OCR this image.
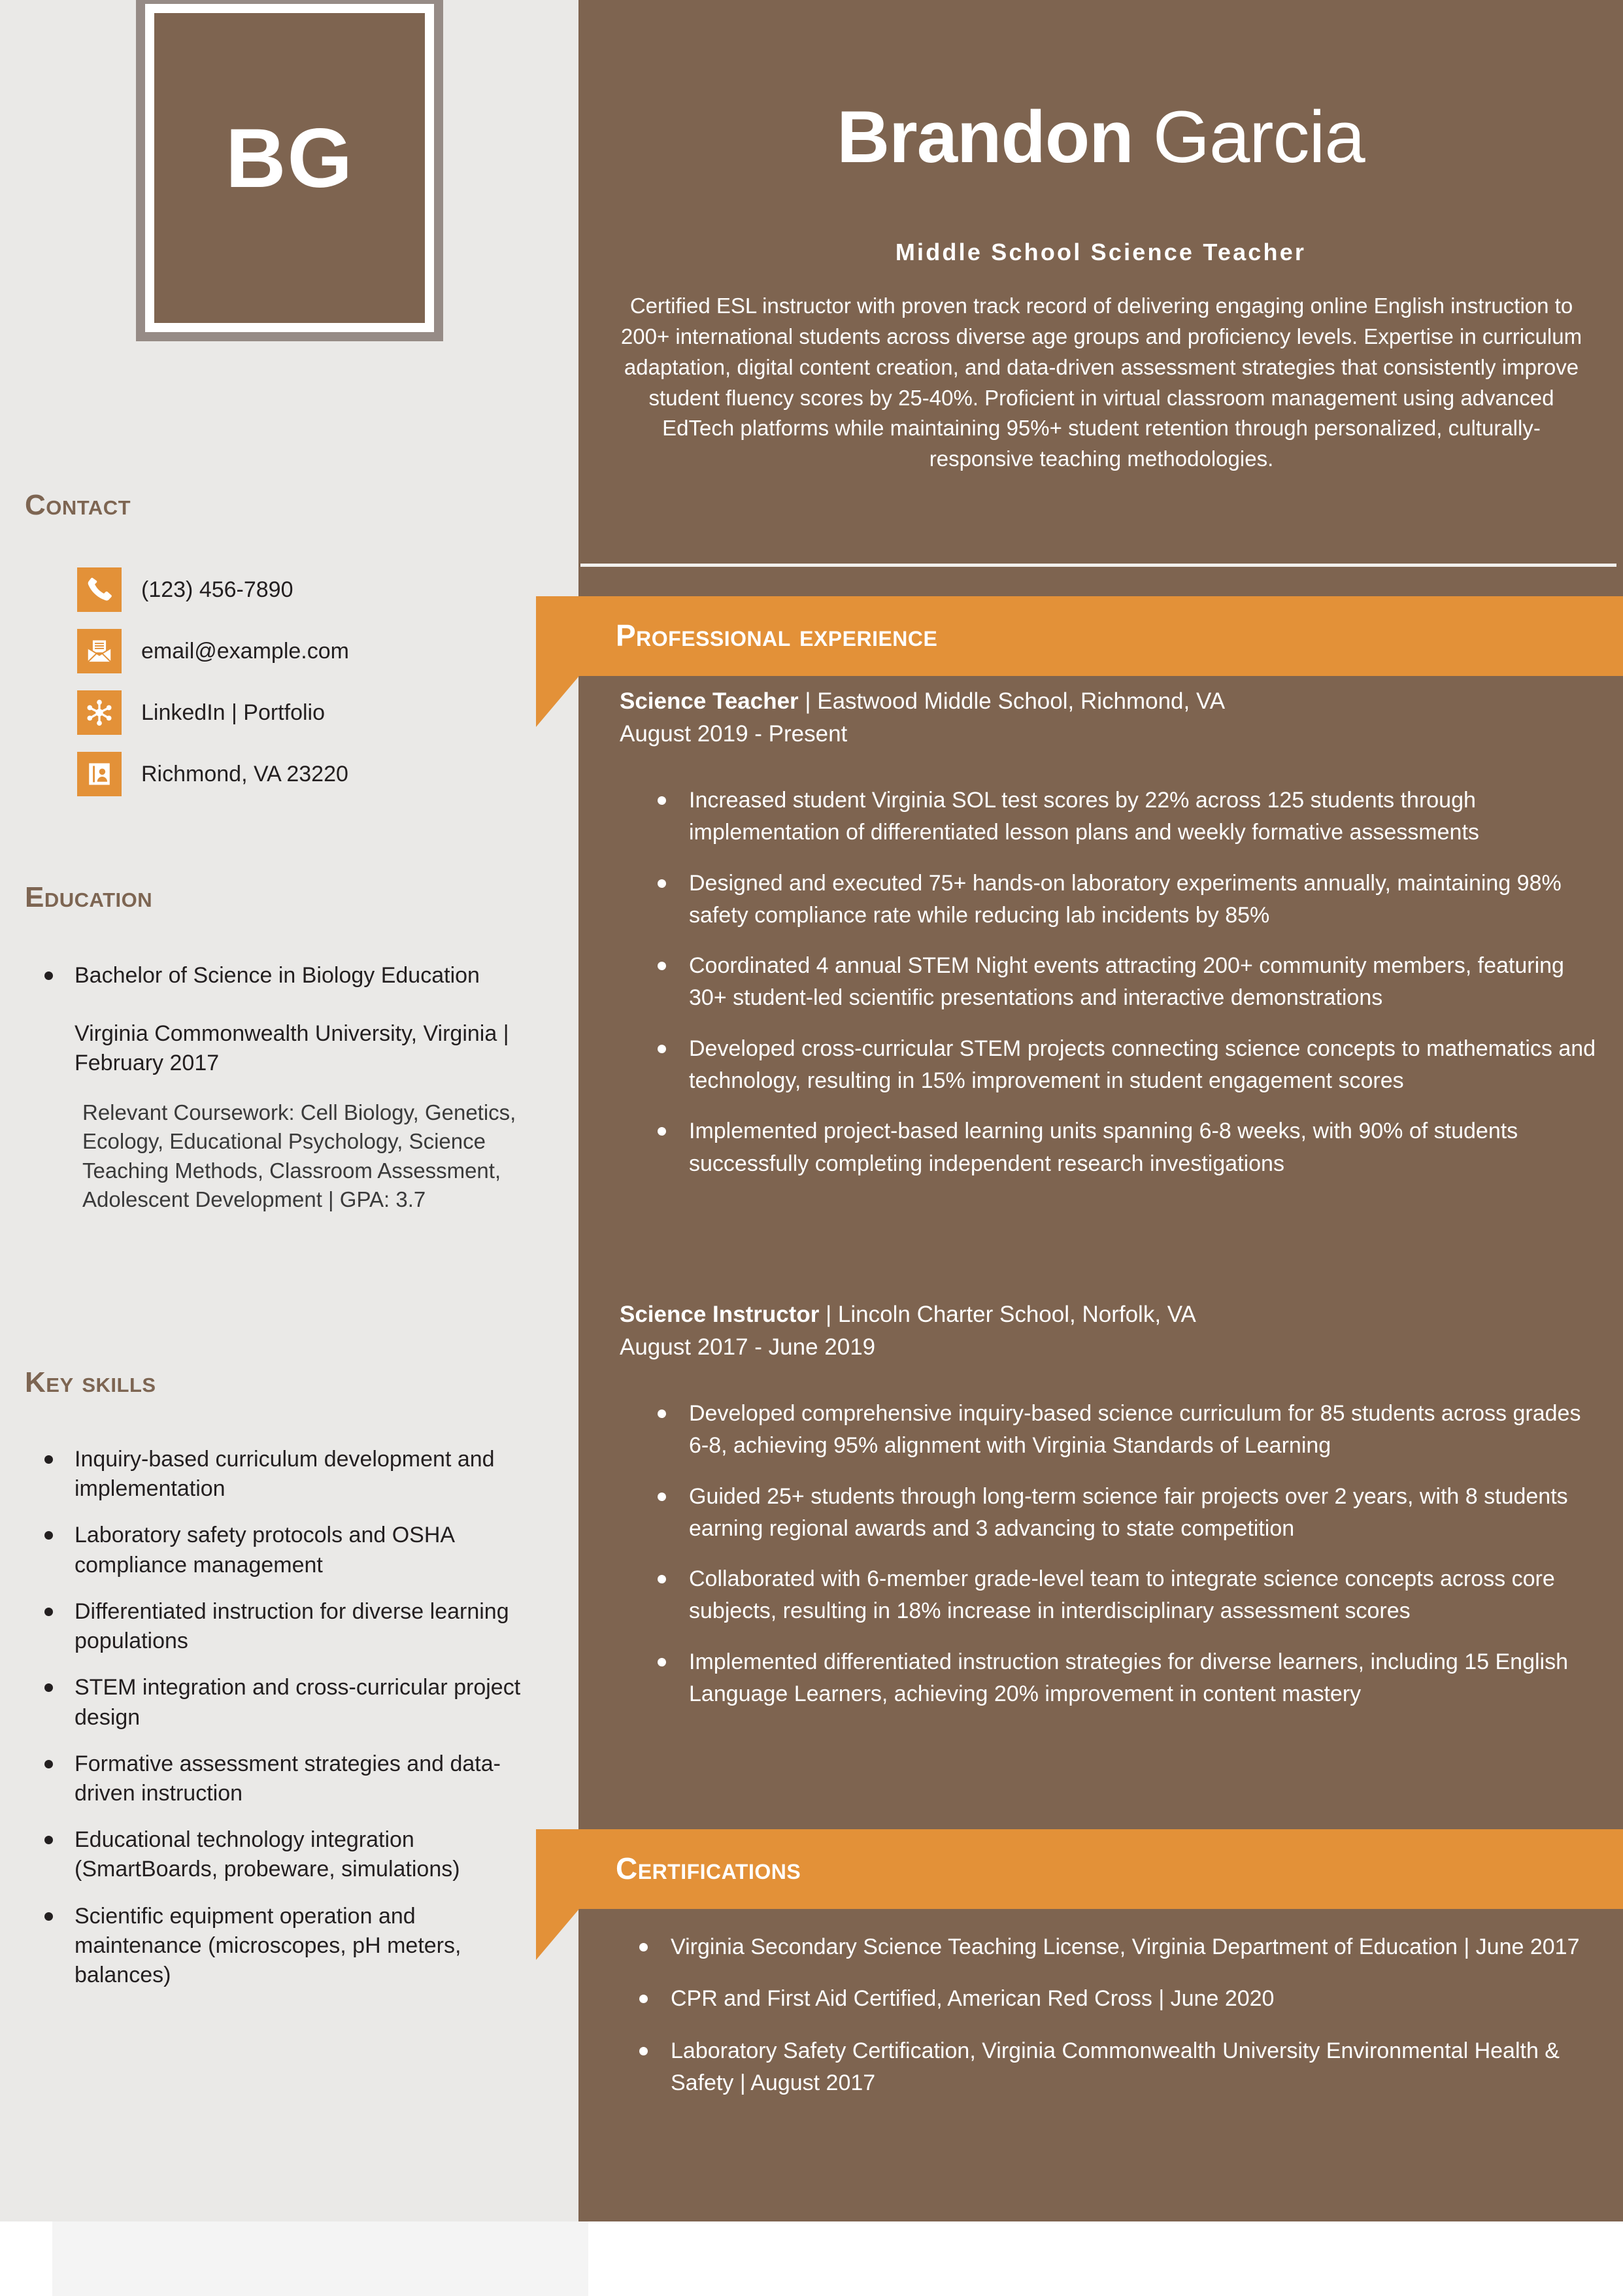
BG	Brandon Garcia
Middle School Science Teacher
Certified ESL instructor with proven track record of delivering engaging online English instruction to 200+ international students across diverse age groups and proficiency levels. Expertise in curriculum adaptation, digital content creation, and data-driven assessment strategies that consistently improve student fluency scores by 25-40%. Proficient in virtual classroom management using advanced EdTech platforms while maintaining 95%+ student retention through personalized, culturally-responsive teaching methodologies.
Contact
(123) 456-7890
email@example.com
LinkedIn | Portfolio
Richmond, VA 23220
Education
Bachelor of Science in Biology Education
Virginia Commonwealth University, Virginia | February 2017
Relevant Coursework: Cell Biology, Genetics, Ecology, Educational Psychology, Science Teaching Methods, Classroom Assessment, Adolescent Development | GPA: 3.7
Key skills
Inquiry-based curriculum development and implementation
Laboratory safety protocols and OSHA compliance management
Differentiated instruction for diverse learning populations
STEM integration and cross-curricular project design
Formative assessment strategies and data-driven instruction
Educational technology integration (SmartBoards, probeware, simulations)
Scientific equipment operation and maintenance (microscopes, pH meters, balances)
Professional experience
Science Teacher | Eastwood Middle School, Richmond, VA
August 2019 - Present
Increased student Virginia SOL test scores by 22% across 125 students through implementation of differentiated lesson plans and weekly formative assessments
Designed and executed 75+ hands-on laboratory experiments annually, maintaining 98% safety compliance rate while reducing lab incidents by 85%
Coordinated 4 annual STEM Night events attracting 200+ community members, featuring 30+ student-led scientific presentations and interactive demonstrations
Developed cross-curricular STEM projects connecting science concepts to mathematics and technology, resulting in 15% improvement in student engagement scores
Implemented project-based learning units spanning 6-8 weeks, with 90% of students successfully completing independent research investigations
Science Instructor | Lincoln Charter School, Norfolk, VA
August 2017 - June 2019
Developed comprehensive inquiry-based science curriculum for 85 students across grades 6-8, achieving 95% alignment with Virginia Standards of Learning
Guided 25+ students through long-term science fair projects over 2 years, with 8 students earning regional awards and 3 advancing to state competition
Collaborated with 6-member grade-level team to integrate science concepts across core subjects, resulting in 18% increase in interdisciplinary assessment scores
Implemented differentiated instruction strategies for diverse learners, including 15 English Language Learners, achieving 20% improvement in content mastery
Certifications
Virginia Secondary Science Teaching License, Virginia Department of Education | June 2017
CPR and First Aid Certified, American Red Cross | June 2020
Laboratory Safety Certification, Virginia Commonwealth University Environmental Health & Safety | August 2017
